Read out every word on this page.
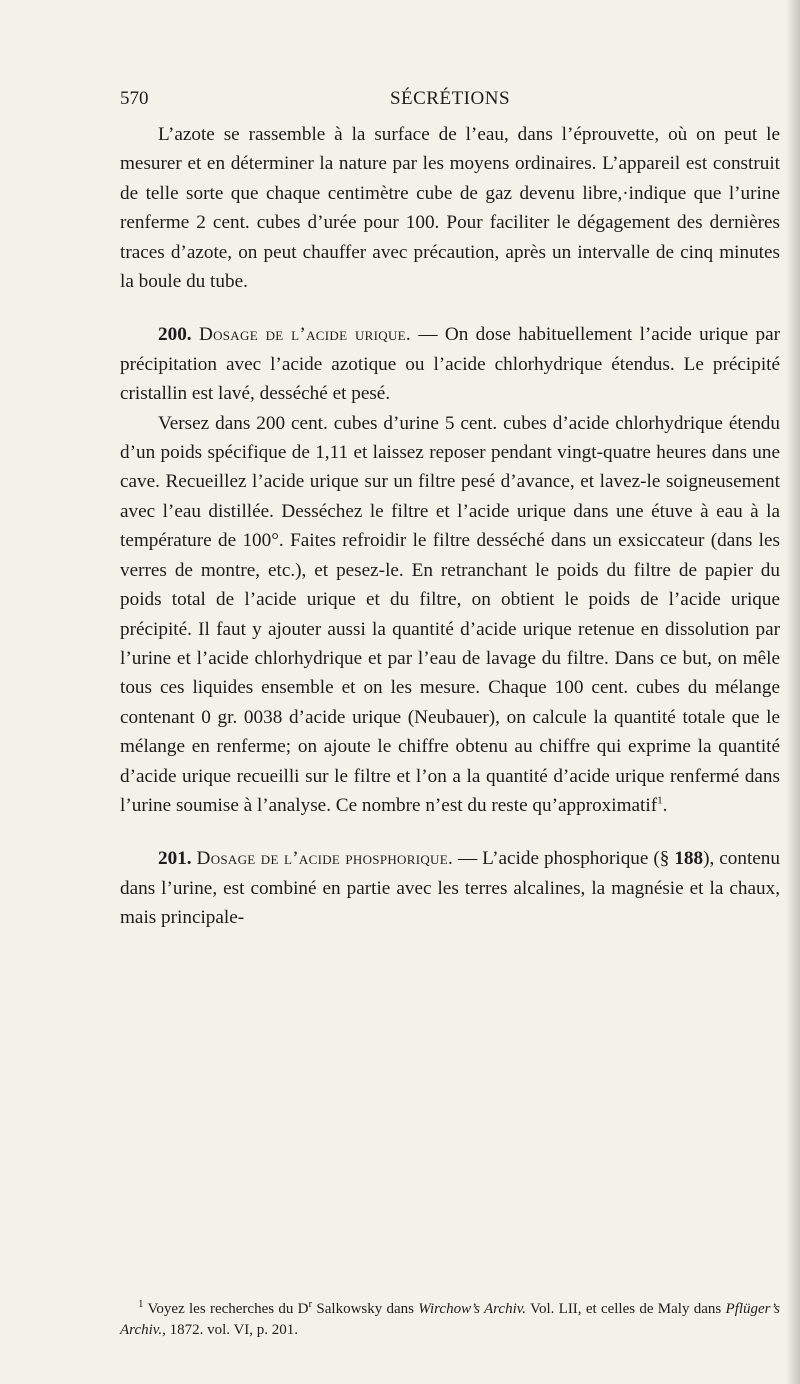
570	SÉCRÉTIONS

L’azote se rassemble à la surface de l’eau, dans l’éprouvette, où on peut le mesurer et en déterminer la nature par les moyens ordinaires. L’appareil est construit de telle sorte que chaque centimètre cube de gaz devenu libre,·indique que l’urine renferme 2 cent. cubes d’urée pour 100. Pour faciliter le dégagement des dernières traces d’azote, on peut chauffer avec précaution, après un intervalle de cinq minutes la boule du tube.

200. Dosage de l’acide urique. — On dose habituellement l’acide urique par précipitation avec l’acide azotique ou l’acide chlorhydrique étendus. Le précipité cristallin est lavé, desséché et pesé.

Versez dans 200 cent. cubes d’urine 5 cent. cubes d’acide chlorhydrique étendu d’un poids spécifique de 1,11 et laissez reposer pendant vingt-quatre heures dans une cave. Recueillez l’acide urique sur un filtre pesé d’avance, et lavez-le soigneusement avec l’eau distillée. Desséchez le filtre et l’acide urique dans une étuve à eau à la température de 100°. Faites refroidir le filtre desséché dans un exsiccateur (dans les verres de montre, etc.), et pesez-le. En retranchant le poids du filtre de papier du poids total de l’acide urique et du filtre, on obtient le poids de l’acide urique précipité. Il faut y ajouter aussi la quantité d’acide urique retenue en dissolution par l’urine et l’acide chlorhydrique et par l’eau de lavage du filtre. Dans ce but, on mêle tous ces liquides ensemble et on les mesure. Chaque 100 cent. cubes du mélange contenant 0 gr. 0038 d’acide urique (Neubauer), on calcule la quantité totale que le mélange en renferme; on ajoute le chiffre obtenu au chiffre qui exprime la quantité d’acide urique recueilli sur le filtre et l’on a la quantité d’acide urique renfermé dans l’urine soumise à l’analyse. Ce nombre n’est du reste qu’approximatif$^1$.

201. Dosage de l’acide phosphorique. — L’acide phosphorique (§ 188), contenu dans l’urine, est combiné en partie avec les terres alcalines, la magnésie et la chaux, mais principale-

$^1$ Voyez les recherches du $D^r$ Salkowsky dans Wirchow’s Archiv. Vol. LII, et celles de Maly dans Pflüger’s Archiv., 1872. vol. VI, p. 201.
